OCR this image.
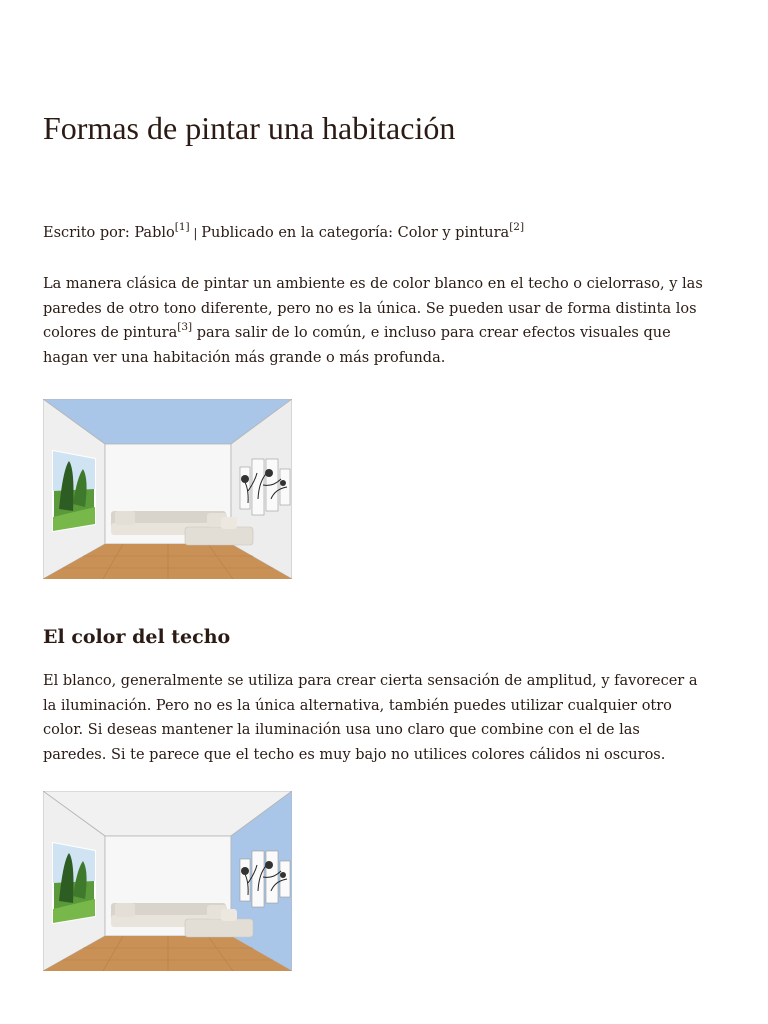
Formas de pintar una habitación

Escrito por: Pablo[1] | Publicado en la categoría: Color y pintura[2]

La manera clásica de pintar un ambiente es de color blanco en el techo o cielorraso, y las
paredes de otro tono diferente, pero no es la única. Se pueden usar de forma distinta los
colores de pintura[3] para salir de lo común, e incluso para crear efectos visuales que
hagan ver una habitación más grande o más profunda.

El color del techo

El blanco, generalmente se utiliza para crear cierta sensación de amplitud, y favorecer a
la iluminación. Pero no es la única alternativa, también puedes utilizar cualquier otro
color. Si deseas mantener la iluminación usa uno claro que combine con el de las
paredes. Si te parece que el techo es muy bajo no utilices colores cálidos ni oscuros.
